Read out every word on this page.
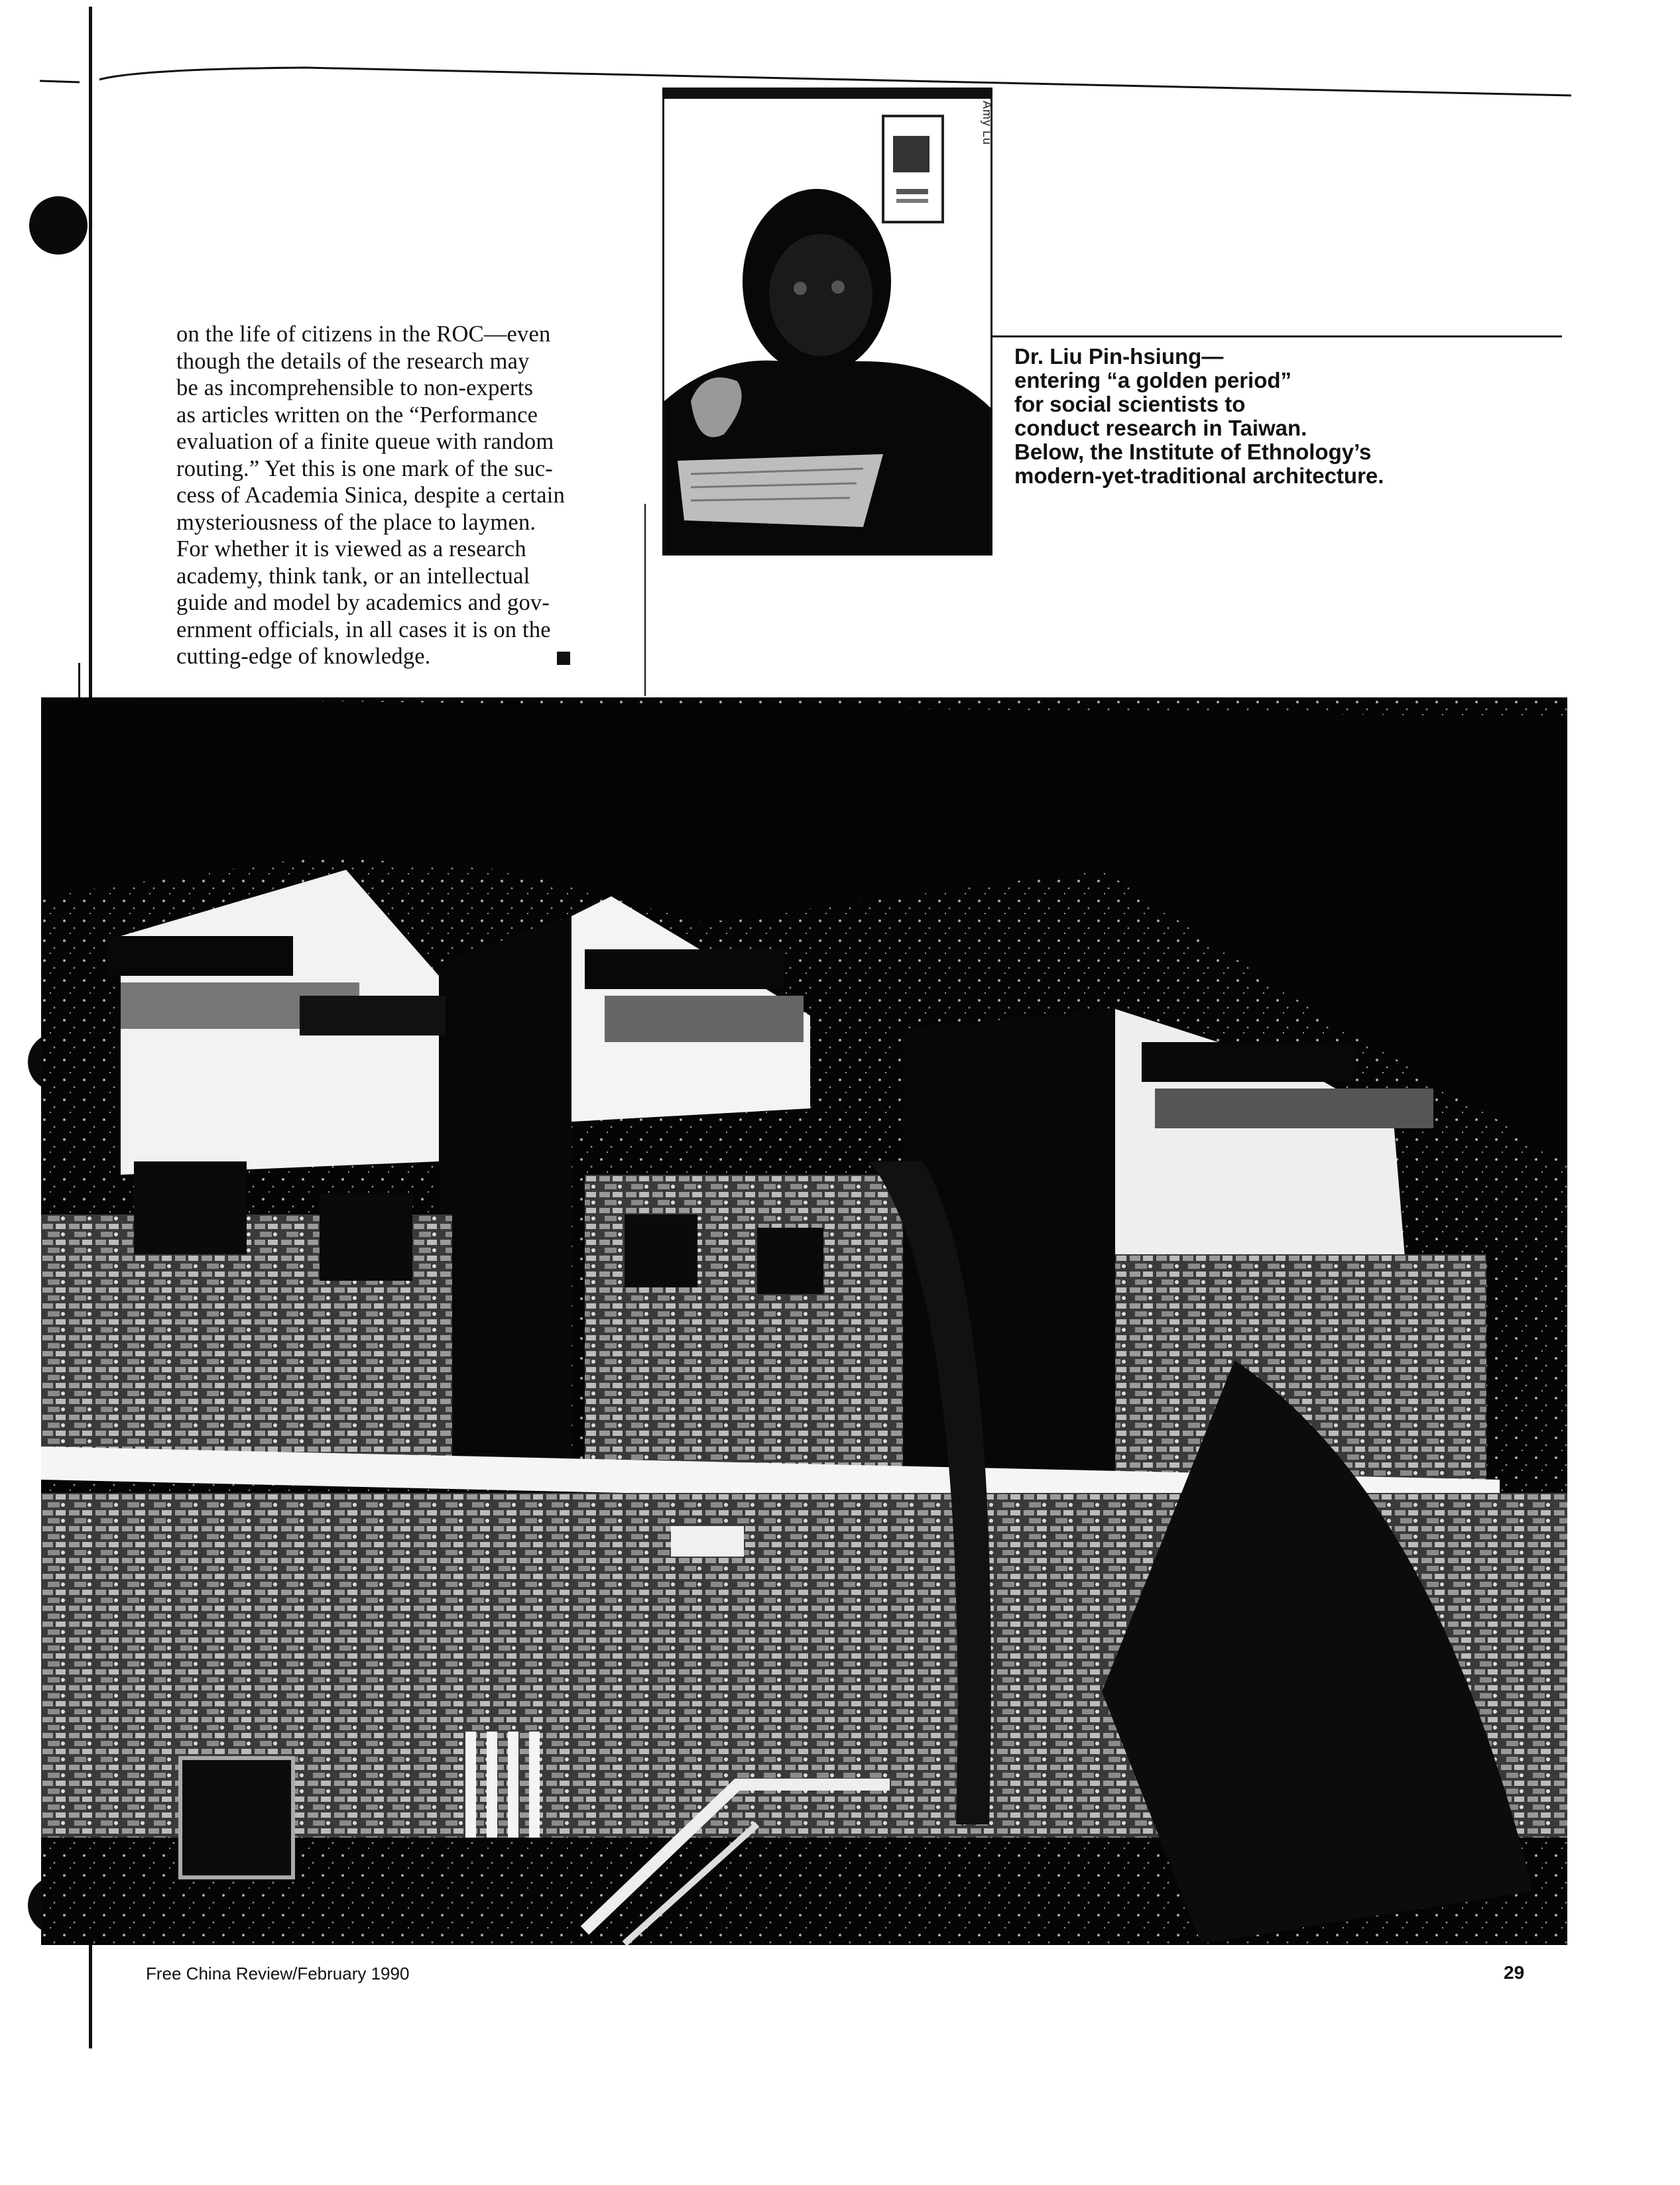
on the life of citizens in the ROC—even

though the details of the research may

be as incomprehensible to non-experts

as articles written on the “Performance

evaluation of a finite queue with random

routing.” Yet this is one mark of the suc-

cess of Academia Sinica, despite a certain

mysteriousness of the place to laymen.

For whether it is viewed as a research

academy, think tank, or an intellectual

guide and model by academics and gov-

ernment officials, in all cases it is on the

cutting-edge of knowledge.

Amy Lu
Dr. Liu Pin-hsiung—
entering “a golden period”
for social scientists to
conduct research in Taiwan.
Below, the Institute of Ethnology’s
modern-yet-traditional architecture.
Free China Review/February 1990	29
